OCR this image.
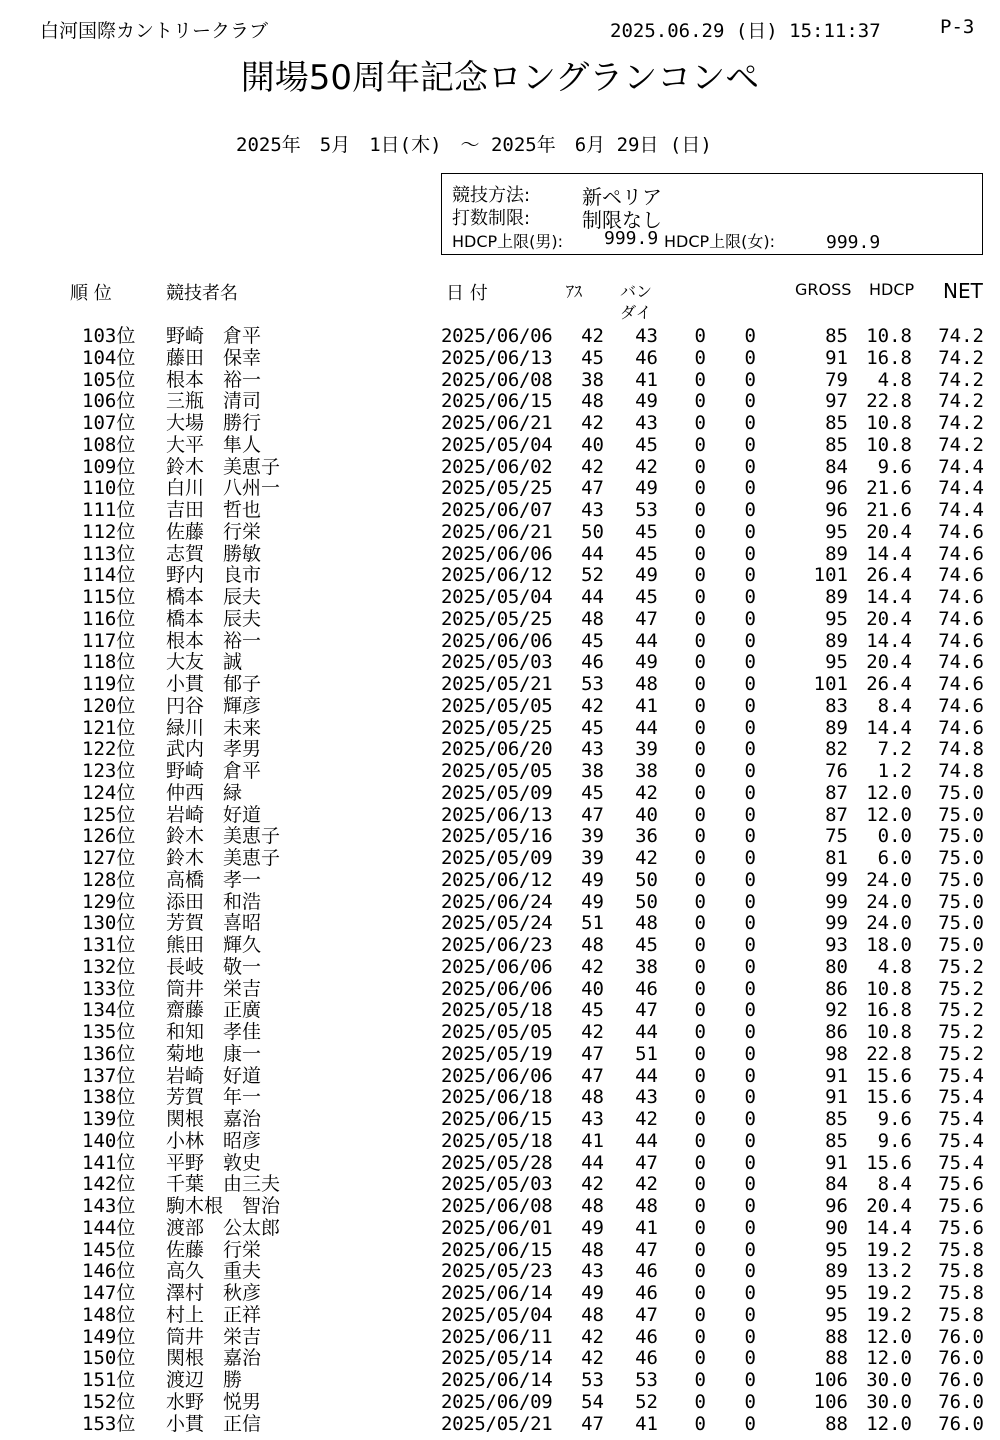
白河国際カントリークラブ	2025.06.29 (日) 15:11:37	P-3
開場50周年記念ロングランコンペ
2025年　5月　1日(木)　～ 2025年　6月 29日 (日)
競技方法:	新ペリア
打数制限:	制限なし
HDCP上限(男): 999.9 HDCP上限(女):	999.9
順 位	競技者名	日 付	ｱｽ バン
ダイ
GROSS HDCP NET
103位 野崎　倉平	2025/06/06	42	43 0 0	85 10.8 74.2
104位 藤田　保幸	2025/06/13	45	46 0 0	91 16.8 74.2
105位 根本　裕一	2025/06/08	38	41 0 0	79	4.8 74.2
106位 三瓶　清司	2025/06/15	48	49 0 0	97 22.8 74.2
107位 大場　勝行	2025/06/21	42	43 0 0	85 10.8 74.2
108位 大平　隼人	2025/05/04	40	45 0 0	85 10.8 74.2
109位 鈴木　美恵子	2025/06/02	42	42 0 0	84	9.6 74.4
110位 白川　八州一	2025/05/25	47	49 0 0	96 21.6 74.4
111位 吉田　哲也	2025/06/07	43	53 0 0	96 21.6 74.4
112位 佐藤　行栄	2025/06/21	50	45 0 0	95 20.4 74.6
113位 志賀　勝敏	2025/06/06	44	45 0 0	89 14.4 74.6
114位 野内　良市	2025/06/12	52	49 0 0	101 26.4 74.6
115位 橋本　辰夫	2025/05/04	44	45 0 0	89 14.4 74.6
116位 橋本　辰夫	2025/05/25	48	47 0 0	95 20.4 74.6
117位 根本　裕一	2025/06/06	45	44 0 0	89 14.4 74.6
118位 大友　誠	2025/05/03	46	49 0 0	95 20.4 74.6
119位 小貫　郁子	2025/05/21	53	48 0 0	101 26.4 74.6
120位 円谷　輝彦	2025/05/05	42	41 0 0	83	8.4 74.6
121位 緑川　未来	2025/05/25	45	44 0 0	89 14.4 74.6
122位 武内　孝男	2025/06/20	43	39 0 0	82	7.2 74.8
123位 野崎　倉平	2025/05/05	38	38 0 0	76	1.2 74.8
124位 仲西　緑	2025/05/09	45	42 0 0	87 12.0 75.0
125位 岩崎　好道	2025/06/13	47	40 0 0	87 12.0 75.0
126位 鈴木　美恵子	2025/05/16	39	36 0 0	75	0.0 75.0
127位 鈴木　美恵子	2025/05/09	39	42 0 0	81	6.0 75.0
128位 高橋　孝一	2025/06/12	49	50 0 0	99 24.0 75.0
129位 添田　和浩	2025/06/24	49	50 0 0	99 24.0 75.0
130位 芳賀　喜昭	2025/05/24	51	48 0 0	99 24.0 75.0
131位 熊田　輝久	2025/06/23	48	45 0 0	93 18.0 75.0
132位 長岐　敬一	2025/06/06	42	38 0 0	80	4.8 75.2
133位 筒井　栄吉	2025/06/06	40	46 0 0	86 10.8 75.2
134位 齋藤　正廣	2025/05/18	45	47 0 0	92 16.8 75.2
135位 和知　孝佳	2025/05/05	42	44 0 0	86 10.8 75.2
136位 菊地　康一	2025/05/19	47	51 0 0	98 22.8 75.2
137位 岩崎　好道	2025/06/06	47	44 0 0	91 15.6 75.4
138位 芳賀　年一	2025/06/18	48	43 0 0	91 15.6 75.4
139位 関根　嘉治	2025/06/15	43	42 0 0	85	9.6 75.4
140位 小林　昭彦	2025/05/18	41	44 0 0	85	9.6 75.4
141位 平野　敦史	2025/05/28	44	47 0 0	91 15.6 75.4
142位 千葉　由三夫	2025/05/03	42	42 0 0	84	8.4 75.6
143位 駒木根　智治	2025/06/08	48	48 0 0	96 20.4 75.6
144位 渡部　公太郎	2025/06/01	49	41 0 0	90 14.4 75.6
145位 佐藤　行栄	2025/06/15	48	47 0 0	95 19.2 75.8
146位 高久　重夫	2025/05/23	43	46 0 0	89 13.2 75.8
147位 澤村　秋彦	2025/06/14	49	46 0 0	95 19.2 75.8
148位 村上　正祥	2025/05/04	48	47 0 0	95 19.2 75.8
149位 筒井　栄吉	2025/06/11	42	46 0 0	88 12.0 76.0
150位 関根　嘉治	2025/05/14	42	46 0 0	88 12.0 76.0
151位 渡辺　勝	2025/06/14	53	53 0 0	106 30.0 76.0
152位 水野　悦男	2025/06/09	54	52 0 0	106 30.0 76.0
153位 小貫　正信	2025/05/21	47	41 0 0	88 12.0 76.0
